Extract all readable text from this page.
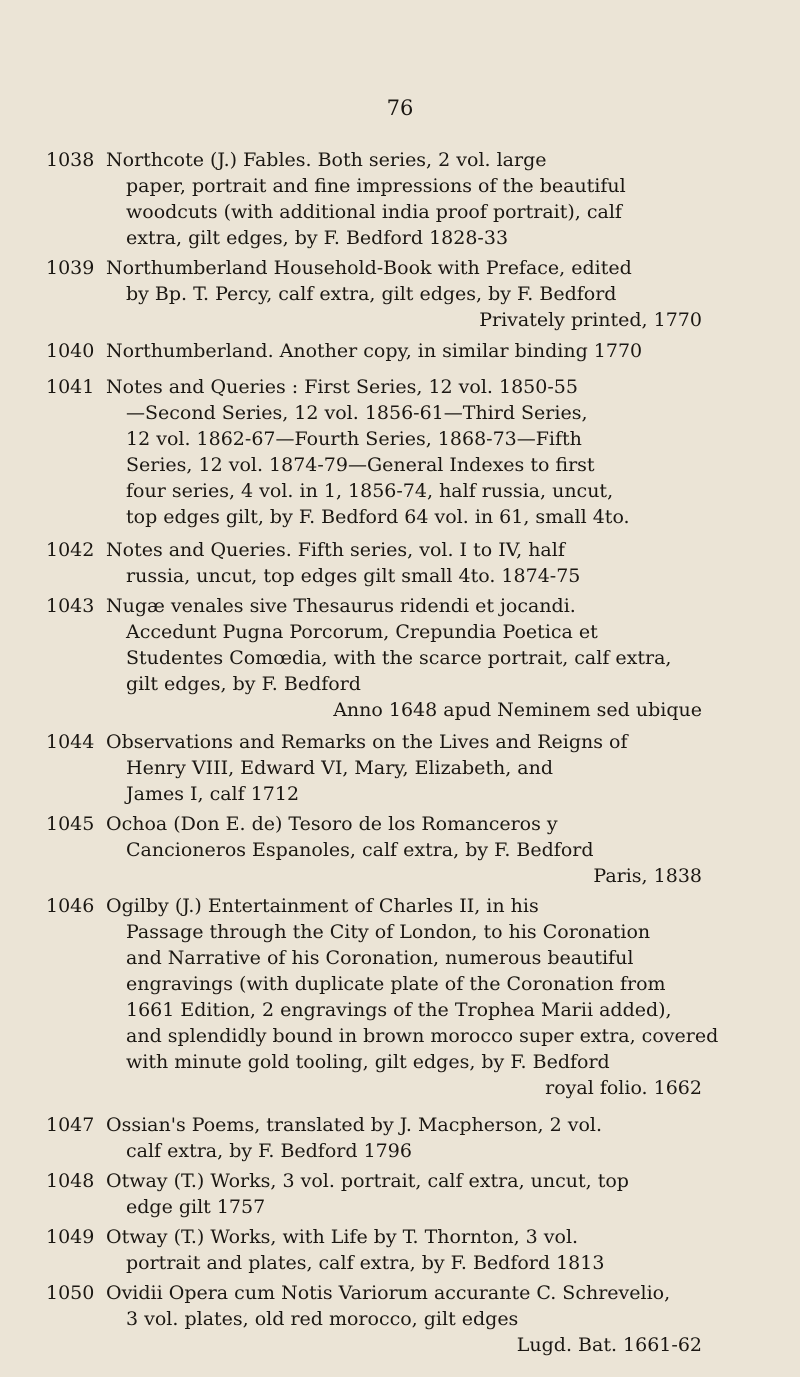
76
1038 Northcote (J.) Fables. Both series, 2 vol. large
paper, portrait and fine impressions of the beautiful
woodcuts (with additional india proof portrait), calf
extra, gilt edges, by F. Bedford 1828-33
1039 Northumberland Household-Book with Preface, edited
by Bp. T. Percy, calf extra, gilt edges, by F. Bedford
Privately printed, 1770
1040 Northumberland. Another copy, in similar binding 1770
1041 Notes and Queries : First Series, 12 vol. 1850-55
—Second Series, 12 vol. 1856-61—Third Series,
12 vol. 1862-67—Fourth Series, 1868-73—Fifth
Series, 12 vol. 1874-79—General Indexes to first
four series, 4 vol. in 1, 1856-74, half russia, uncut,
top edges gilt, by F. Bedford 64 vol. in 61, small 4to.
1042 Notes and Queries. Fifth series, vol. I to IV, half
russia, uncut, top edges gilt small 4to. 1874-75
1043 Nugæ venales sive Thesaurus ridendi et jocandi.
Accedunt Pugna Porcorum, Crepundia Poetica et
Studentes Comœdia, with the scarce portrait, calf extra,
gilt edges, by F. Bedford
Anno 1648 apud Neminem sed ubique
1044 Observations and Remarks on the Lives and Reigns of
Henry VIII, Edward VI, Mary, Elizabeth, and
James I, calf 1712
1045 Ochoa (Don E. de) Tesoro de los Romanceros y
Cancioneros Espanoles, calf extra, by F. Bedford
Paris, 1838
1046 Ogilby (J.) Entertainment of Charles II, in his
Passage through the City of London, to his Coronation
and Narrative of his Coronation, numerous beautiful
engravings (with duplicate plate of the Coronation from
1661 Edition, 2 engravings of the Trophea Marii added),
and splendidly bound in brown morocco super extra, covered
with minute gold tooling, gilt edges, by F. Bedford
royal folio. 1662
1047 Ossian's Poems, translated by J. Macpherson, 2 vol.
calf extra, by F. Bedford 1796
1048 Otway (T.) Works, 3 vol. portrait, calf extra, uncut, top
edge gilt 1757
1049 Otway (T.) Works, with Life by T. Thornton, 3 vol.
portrait and plates, calf extra, by F. Bedford 1813
1050 Ovidii Opera cum Notis Variorum accurante C. Schrevelio,
3 vol. plates, old red morocco, gilt edges
Lugd. Bat. 1661-62
